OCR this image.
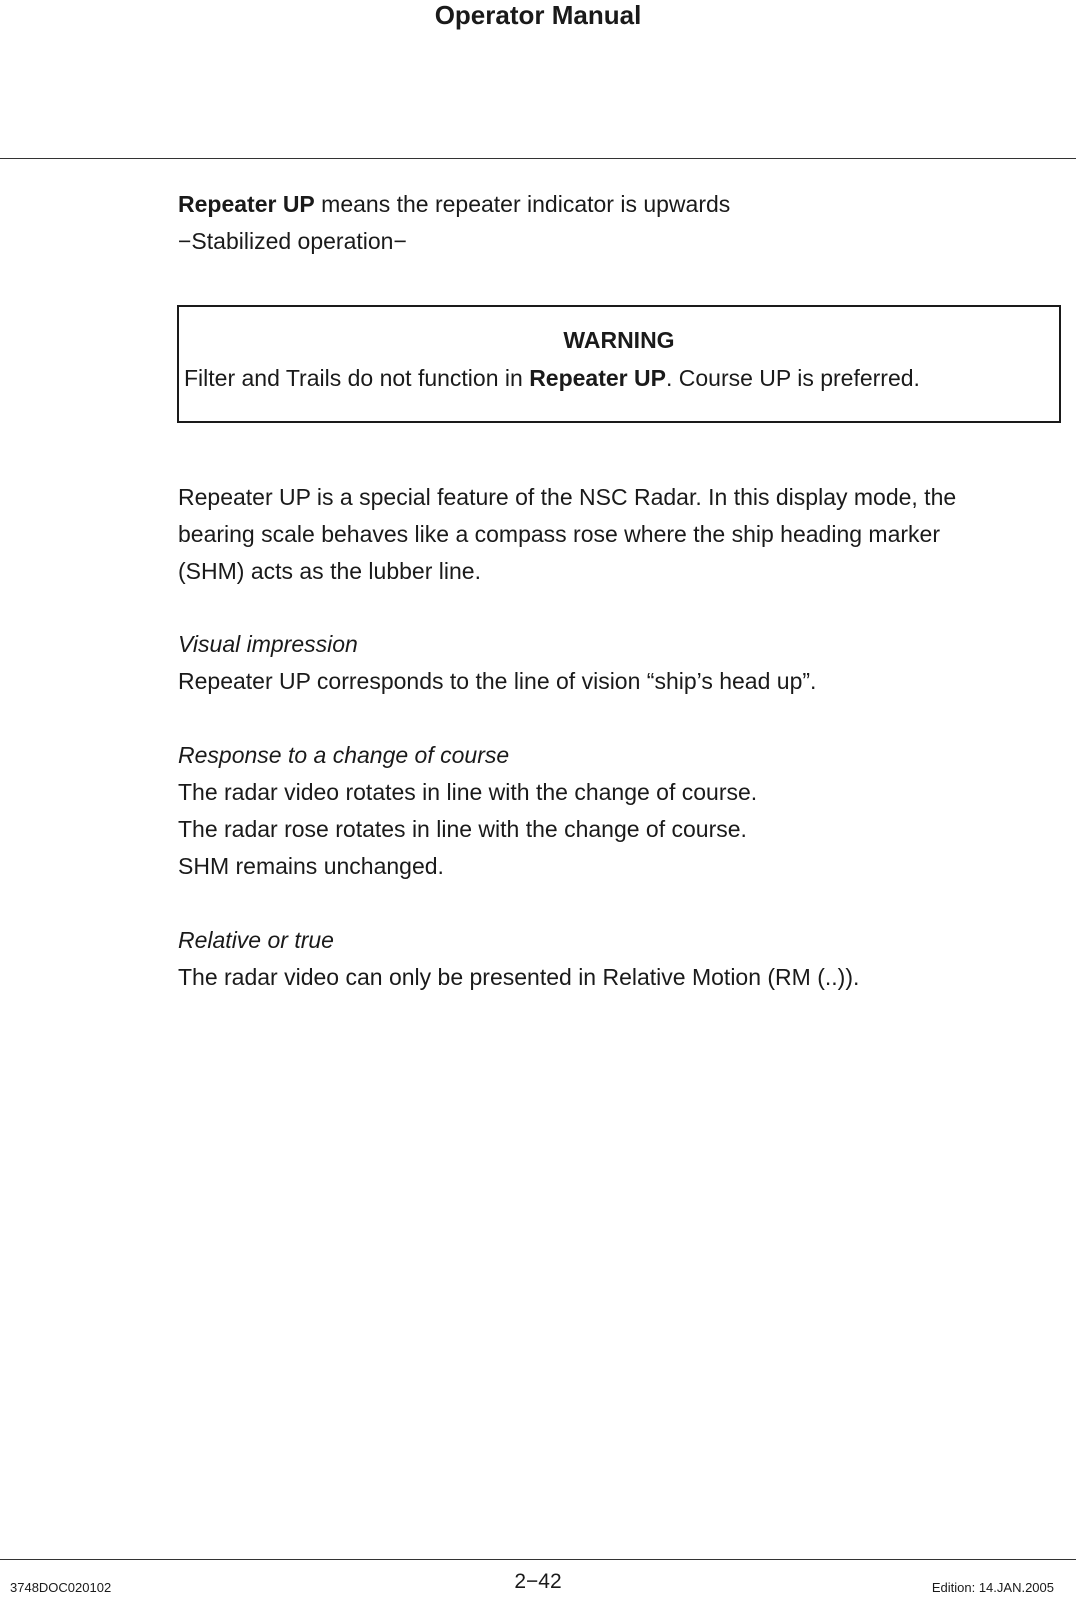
Operator Manual

Repeater UP means the repeater indicator is upwards

−Stabilized operation−

WARNING
Filter and Trails do not function in Repeater UP. Course UP is preferred.

Repeater UP is a special feature of the NSC Radar. In this display mode, the

bearing scale behaves like a compass rose where the ship heading marker

(SHM) acts as the lubber line.

Visual impression

Repeater UP corresponds to the line of vision “ship’s head up”.

Response to a change of course

The radar video rotates in line with the change of course.

The radar rose rotates in line with the change of course.

SHM remains unchanged.

Relative or true

The radar video can only be presented in Relative Motion (RM (..)).

3748DOC020102	2−42	Edition: 14.JAN.2005
